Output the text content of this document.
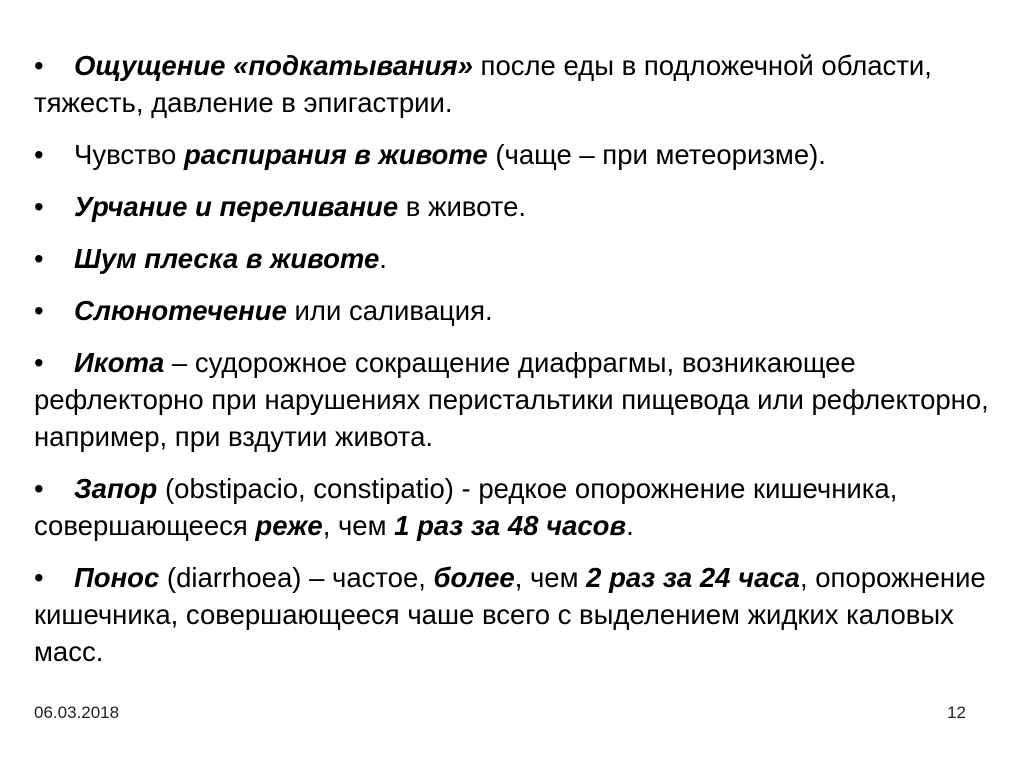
• Ощущение «подкатывания» после еды в подложечной области, тяжесть, давление в эпигастрии.
• Чувство распирания в животе (чаще – при метеоризме).
• Урчание и переливание в животе.
• Шум плеска в животе.
• Слюнотечение или саливация.
• Икота – судорожное сокращение диафрагмы, возникающее рефлекторно при нарушениях перистальтики пищевода или рефлекторно, например, при вздутии живота.
• Запор (obstipacio, constipatio) - редкое опорожнение кишечника, совершающееся реже, чем 1 раз за 48 часов.
• Понос (diarrhoea) – частое, более, чем 2 раз за 24 часа, опорожнение кишечника, совершающееся чаше всего с выделением жидких каловых масс.
06.03.2018	12
